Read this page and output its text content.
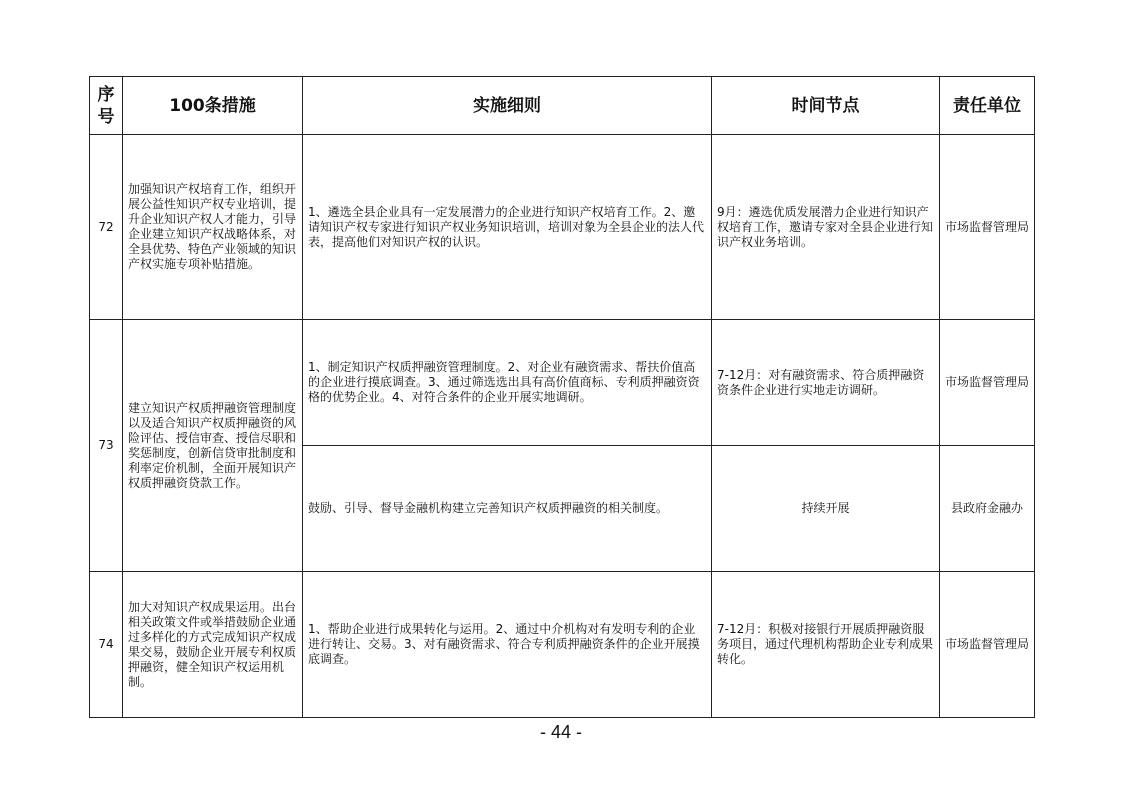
序号	100条措施	实施细则	时间节点	责任单位
72	加强知识产权培育工作，组织开展公益性知识产权专业培训，提升企业知识产权人才能力，引导企业建立知识产权战略体系，对全县优势、特色产业领域的知识产权实施专项补贴措施。	1、遴选全县企业具有一定发展潜力的企业进行知识产权培育工作。2、邀请知识产权专家进行知识产权业务知识培训，培训对象为全县企业的法人代表，提高他们对知识产权的认识。	9月：遴选优质发展潜力企业进行知识产权培育工作，邀请专家对全县企业进行知识产权业务培训。	市场监督管理局
73	建立知识产权质押融资管理制度以及适合知识产权质押融资的风险评估、授信审查、授信尽职和奖惩制度，创新信贷审批制度和利率定价机制，全面开展知识产权质押融资贷款工作。	1、制定知识产权质押融资管理制度。2、对企业有融资需求、帮扶价值高的企业进行摸底调查。3、通过筛选选出具有高价值商标、专利质押融资资格的优势企业。4、对符合条件的企业开展实地调研。	7-12月：对有融资需求、符合质押融资资条件企业进行实地走访调研。	市场监督管理局
		鼓励、引导、督导金融机构建立完善知识产权质押融资的相关制度。	持续开展	县政府金融办
74	加大对知识产权成果运用。出台相关政策文件或举措鼓励企业通过多样化的方式完成知识产权成果交易，鼓励企业开展专利权质押融资，健全知识产权运用机制。	1、帮助企业进行成果转化与运用。2、通过中介机构对有发明专利的企业进行转让、交易。3、对有融资需求、符合专利质押融资条件的企业开展摸底调查。	7-12月：积极对接银行开展质押融资服务项目，通过代理机构帮助企业专利成果转化。	市场监督管理局
- 44 -
